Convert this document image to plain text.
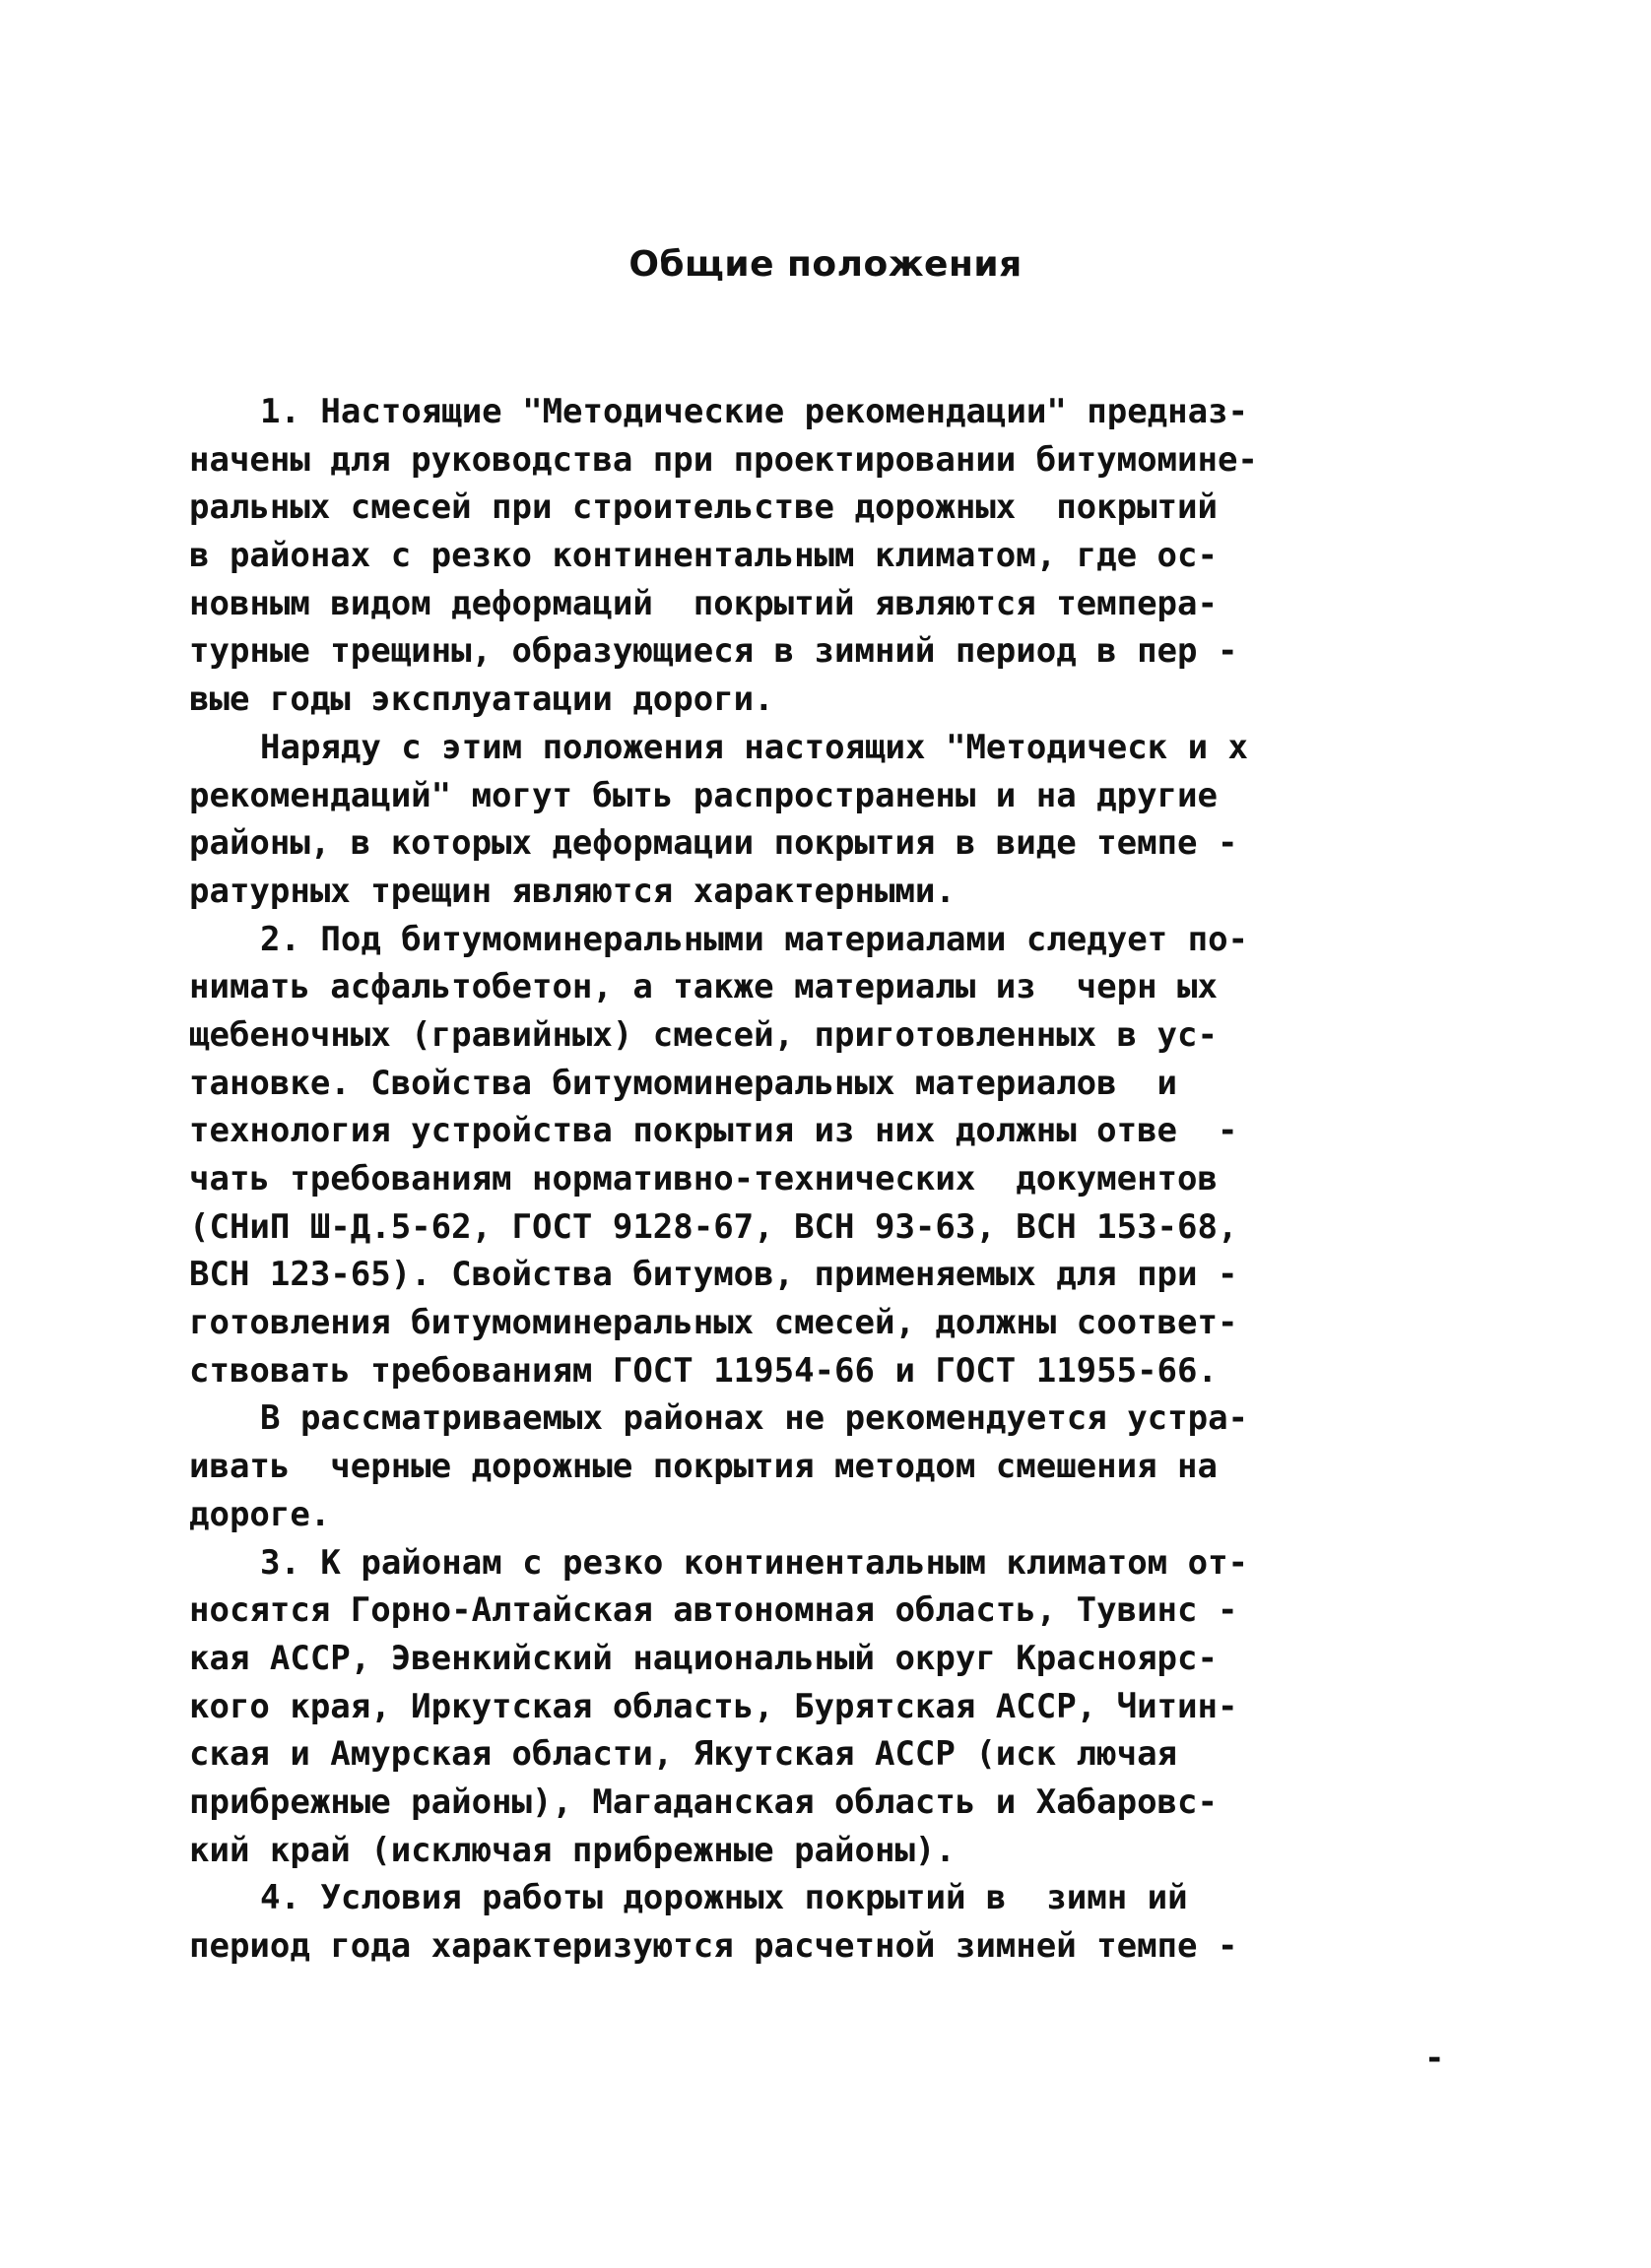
Общие положения

1. Настоящие "Методические рекомендации" предназ-

начены для руководства при проектировании битумомине-

ральных смесей при строительстве дорожных  покрытий

в районах с резко континентальным климатом, где ос-

новным видом деформаций  покрытий являются темпера-

турные трещины, образующиеся в зимний период в пер -

вые годы эксплуатации дороги.

Наряду с этим положения настоящих "Методическ и х

рекомендаций" могут быть распространены и на другие

районы, в которых деформации покрытия в виде темпе -

ратурных трещин являются характерными.

2. Под битумоминеральными материалами следует по-

нимать асфальтобетон, а также материалы из  черн ых

щебеночных (гравийных) смесей, приготовленных в ус-

тановке. Свойства битумоминеральных материалов  и

технология устройства покрытия из них должны отве  -

чать требованиям нормативно-технических  документов

(СНиП Ш-Д.5-62, ГОСТ 9128-67, ВСН 93-63, ВСН 153-68,

ВСН 123-65). Свойства битумов, применяемых для при -

готовления битумоминеральных смесей, должны соответ-

ствовать требованиям ГОСТ 11954-66 и ГОСТ 11955-66.

В рассматриваемых районах не рекомендуется устра-

ивать  черные дорожные покрытия методом смешения на

дороге.

3. К районам с резко континентальным климатом от-

носятся Горно-Алтайская автономная область, Тувинс -

кая АССР, Эвенкийский национальный округ Красноярс-

кого края, Иркутская область, Бурятская АССР, Читин-

ская и Амурская области, Якутская АССР (иск лючая

прибрежные районы), Магаданская область и Хабаровс-

кий край (исключая прибрежные районы).

4. Условия работы дорожных покрытий в  зимн ий

период года характеризуются расчетной зимней темпе -

-
